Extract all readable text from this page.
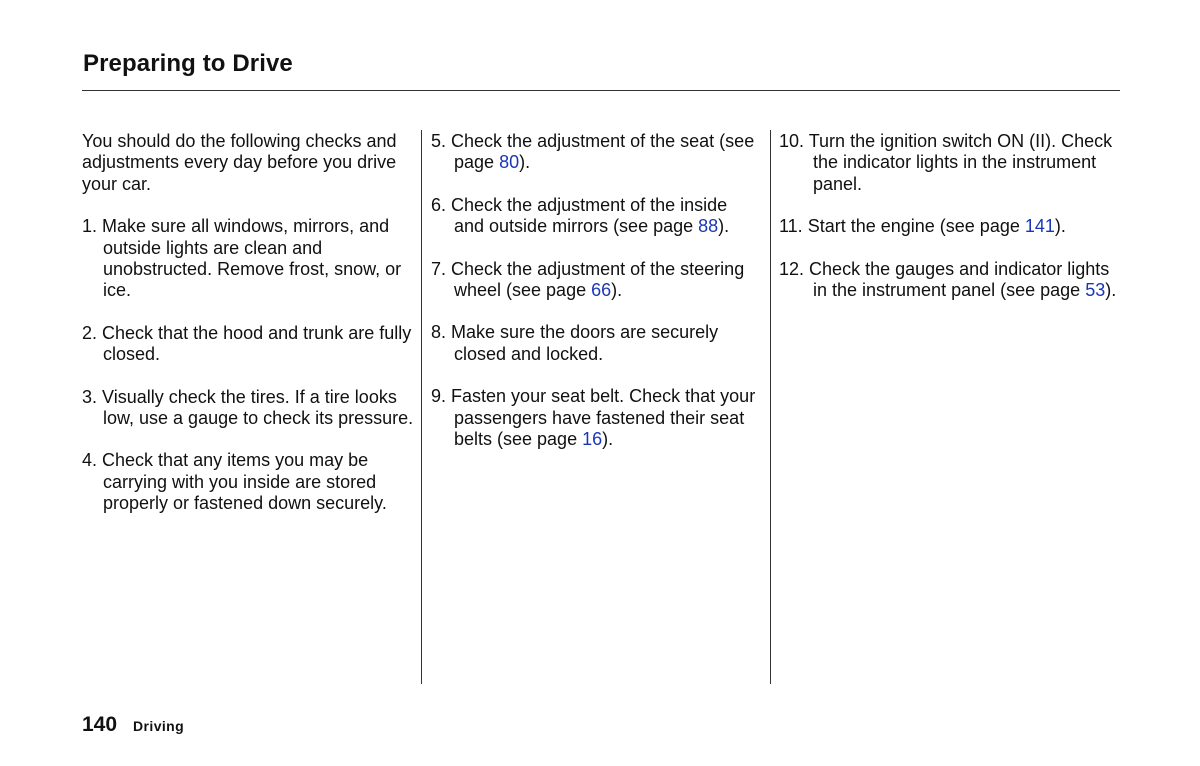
Preparing to Drive

You should do the following checks and adjustments every day before you drive your car.

1. Make sure all windows, mirrors, and outside lights are clean and unobstructed. Remove frost, snow, or ice.

2. Check that the hood and trunk are fully closed.

3. Visually check the tires. If a tire looks low, use a gauge to check its pressure.

4. Check that any items you may be carrying with you inside are stored properly or fastened down securely.

5. Check the adjustment of the seat (see page 80).

6. Check the adjustment of the inside and outside mirrors (see page 88).

7. Check the adjustment of the steering wheel (see page 66).

8. Make sure the doors are securely closed and locked.

9. Fasten your seat belt. Check that your passengers have fastened their seat belts (see page 16).

10. Turn the ignition switch ON (II). Check the indicator lights in the instrument panel.

11. Start the engine (see page 141).

12. Check the gauges and indicator lights in the instrument panel (see page 53).

140 Driving
